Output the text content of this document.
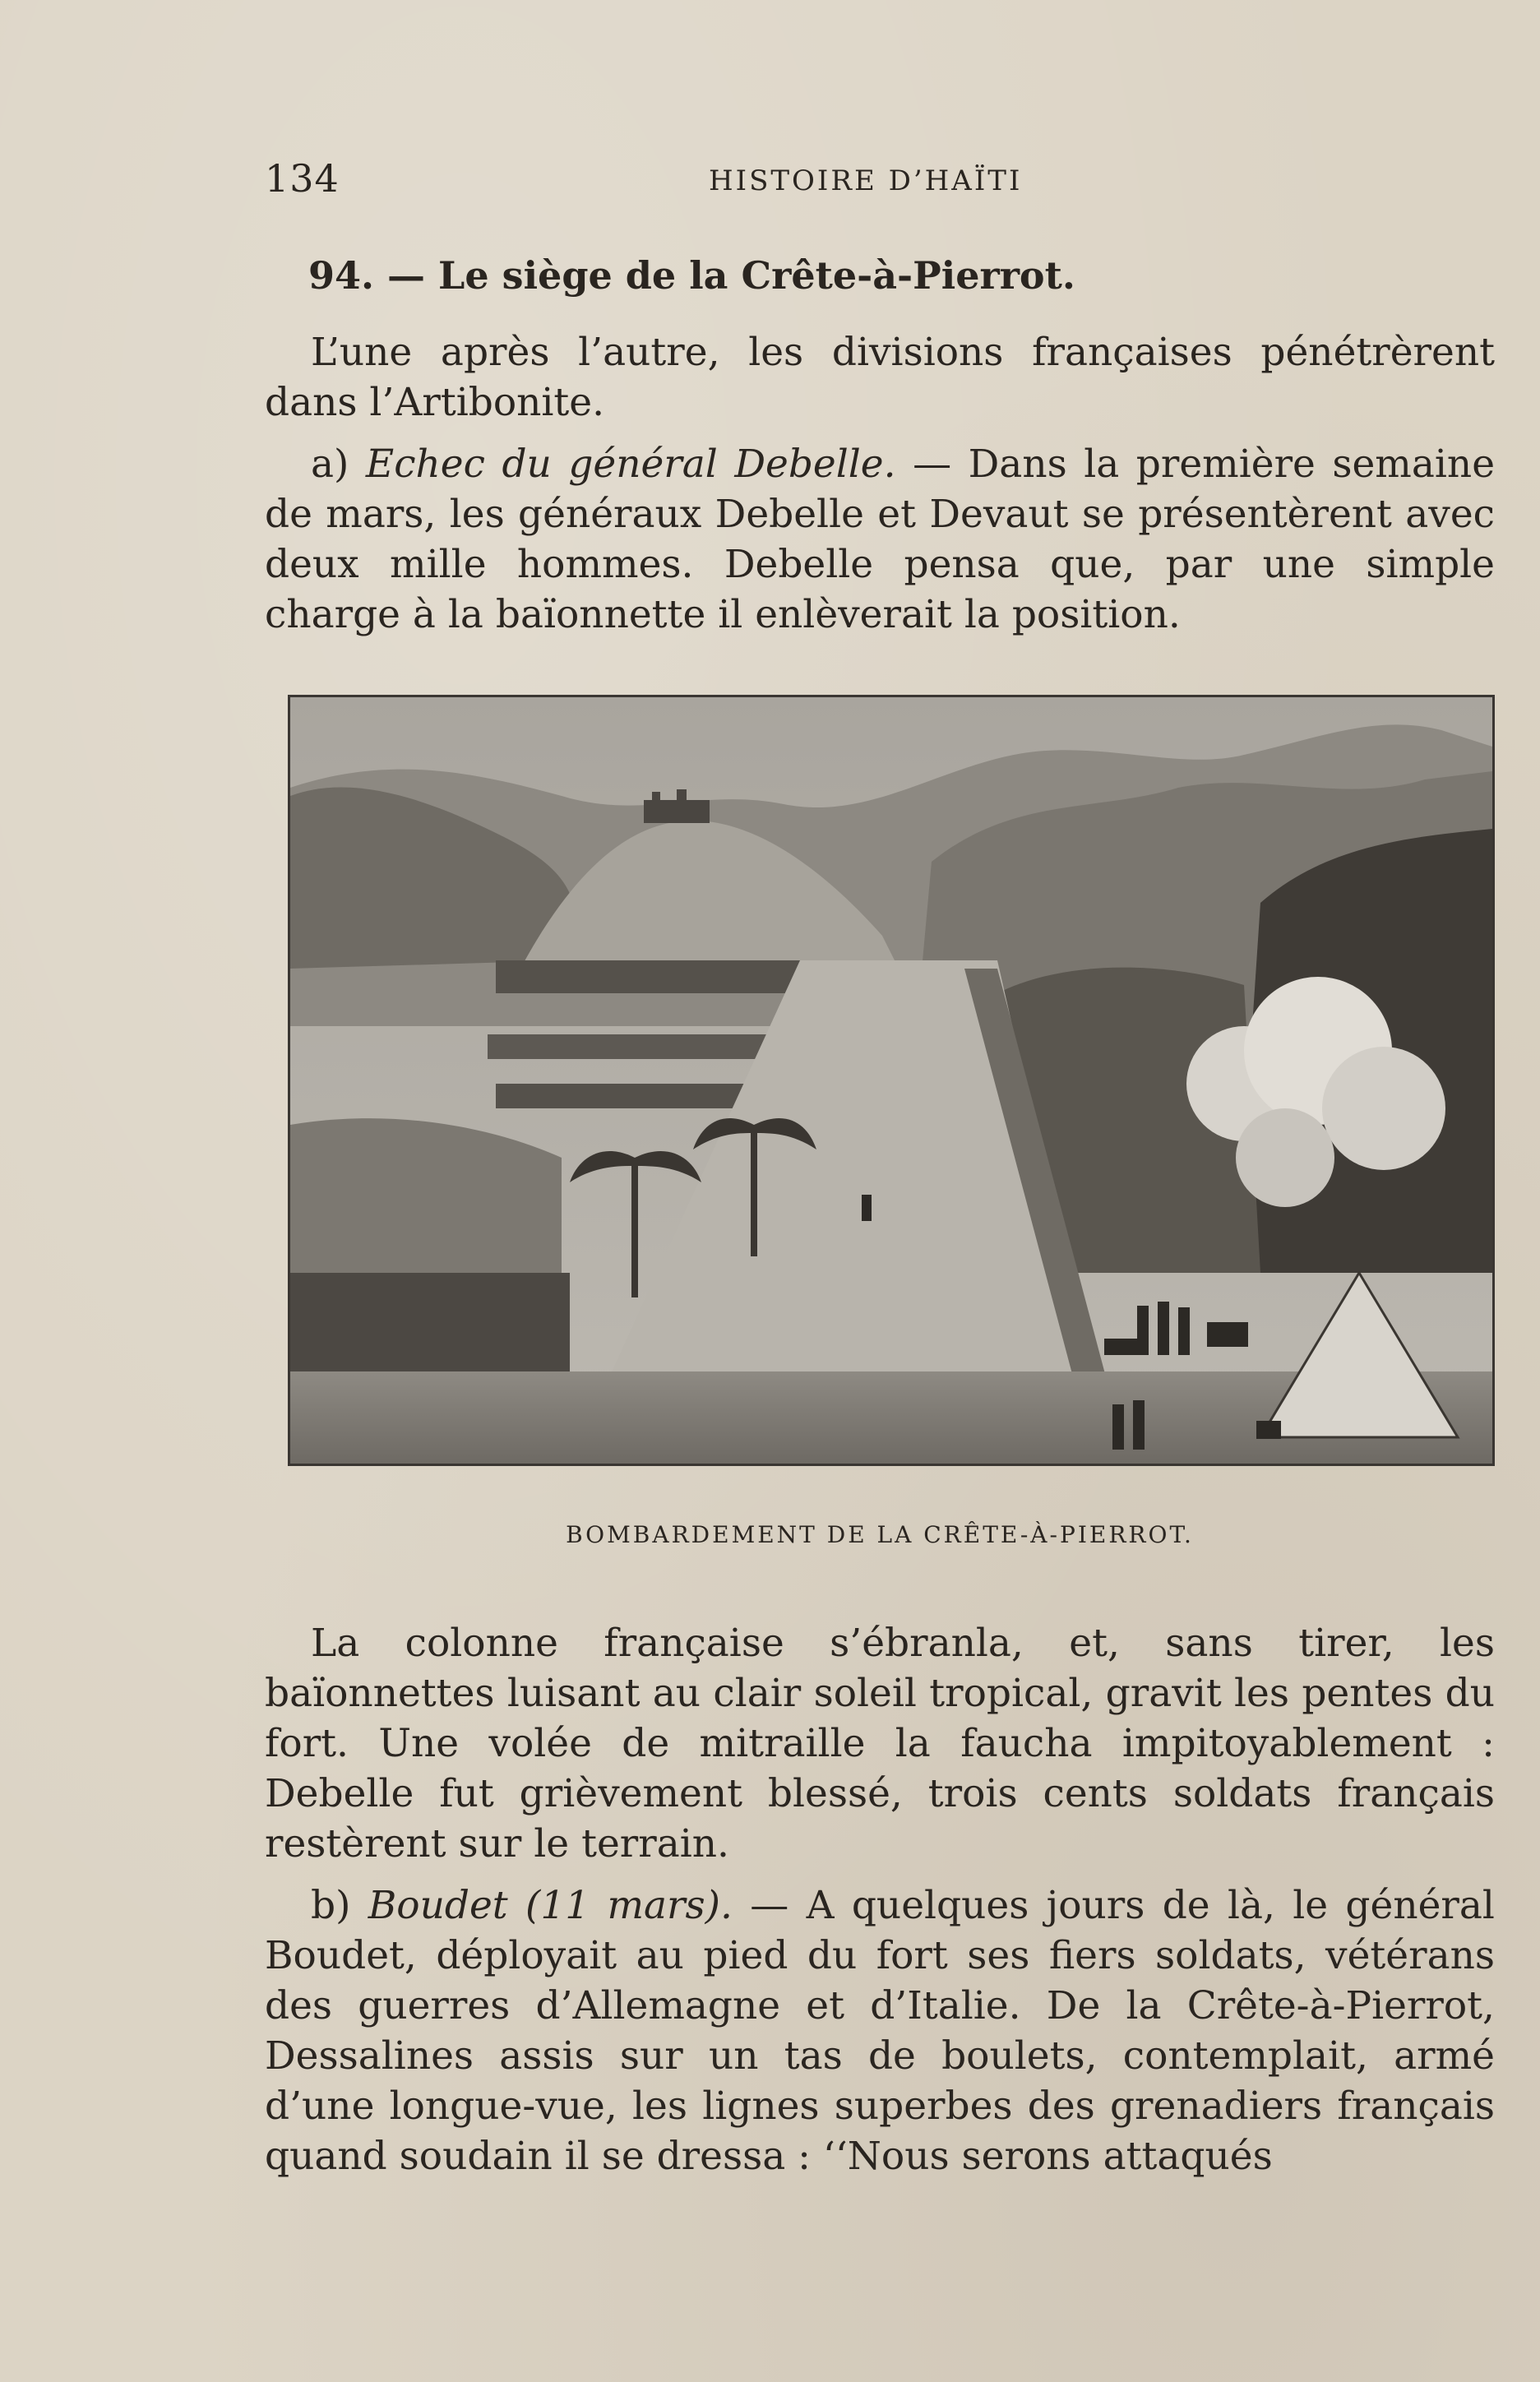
134	HISTOIRE D’HAÏTI
94. — Le siège de la Crête-à-Pierrot.

L’une après l’autre, les divisions françaises pénétrèrent dans l’Artibonite.

a) Echec du général Debelle. — Dans la première semaine de mars, les généraux Debelle et Devaut se présentèrent avec deux mille hommes. Debelle pensa que, par une simple charge à la baïonnette il enlèverait la position.

BOMBARDEMENT DE LA CRÊTE-À-PIERROT.

La colonne française s’ébranla, et, sans tirer, les baïonnettes luisant au clair soleil tropical, gravit les pentes du fort. Une volée de mitraille la faucha impitoyablement : Debelle fut grièvement blessé, trois cents soldats français restèrent sur le terrain.

b) Boudet (11 mars). — A quelques jours de là, le général Boudet, déployait au pied du fort ses fiers soldats, vétérans des guerres d’Allemagne et d’Italie. De la Crête-à-Pierrot, Dessalines assis sur un tas de boulets, contemplait, armé d’une longue-vue, les lignes superbes des grenadiers français quand soudain il se dressa : ‘‘Nous serons attaqués
